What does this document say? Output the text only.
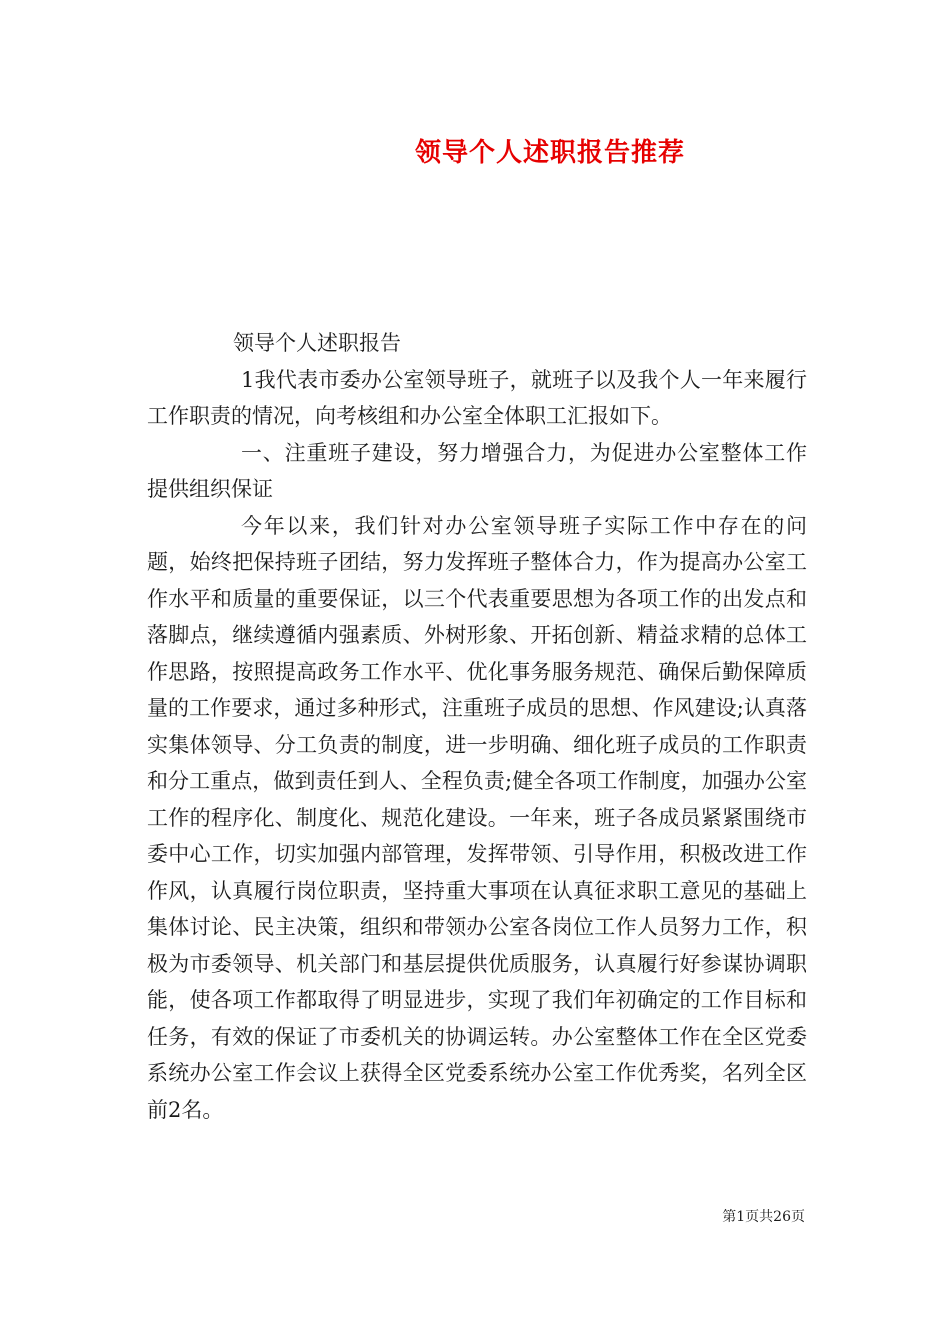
领导个人述职报告推荐

领导个人述职报告

1我代表市委办公室领导班子，就班子以及我个人一年来履行工作职责的情况，向考核组和办公室全体职工汇报如下。

一、注重班子建设，努力增强合力，为促进办公室整体工作提供组织保证

今年以来，我们针对办公室领导班子实际工作中存在的问题，始终把保持班子团结，努力发挥班子整体合力，作为提高办公室工作水平和质量的重要保证，以三个代表重要思想为各项工作的出发点和落脚点，继续遵循内强素质、外树形象、开拓创新、精益求精的总体工作思路，按照提高政务工作水平、优化事务服务规范、确保后勤保障质量的工作要求，通过多种形式，注重班子成员的思想、作风建设;认真落实集体领导、分工负责的制度，进一步明确、细化班子成员的工作职责和分工重点，做到责任到人、全程负责;健全各项工作制度，加强办公室工作的程序化、制度化、规范化建设。一年来，班子各成员紧紧围绕市委中心工作，切实加强内部管理，发挥带领、引导作用，积极改进工作作风，认真履行岗位职责，坚持重大事项在认真征求职工意见的基础上集体讨论、民主决策，组织和带领办公室各岗位工作人员努力工作，积极为市委领导、机关部门和基层提供优质服务，认真履行好参谋协调职能，使各项工作都取得了明显进步，实现了我们年初确定的工作目标和任务，有效的保证了市委机关的协调运转。办公室整体工作在全区党委系统办公室工作会议上获得全区党委系统办公室工作优秀奖，名列全区前2名。

第1页共26页
